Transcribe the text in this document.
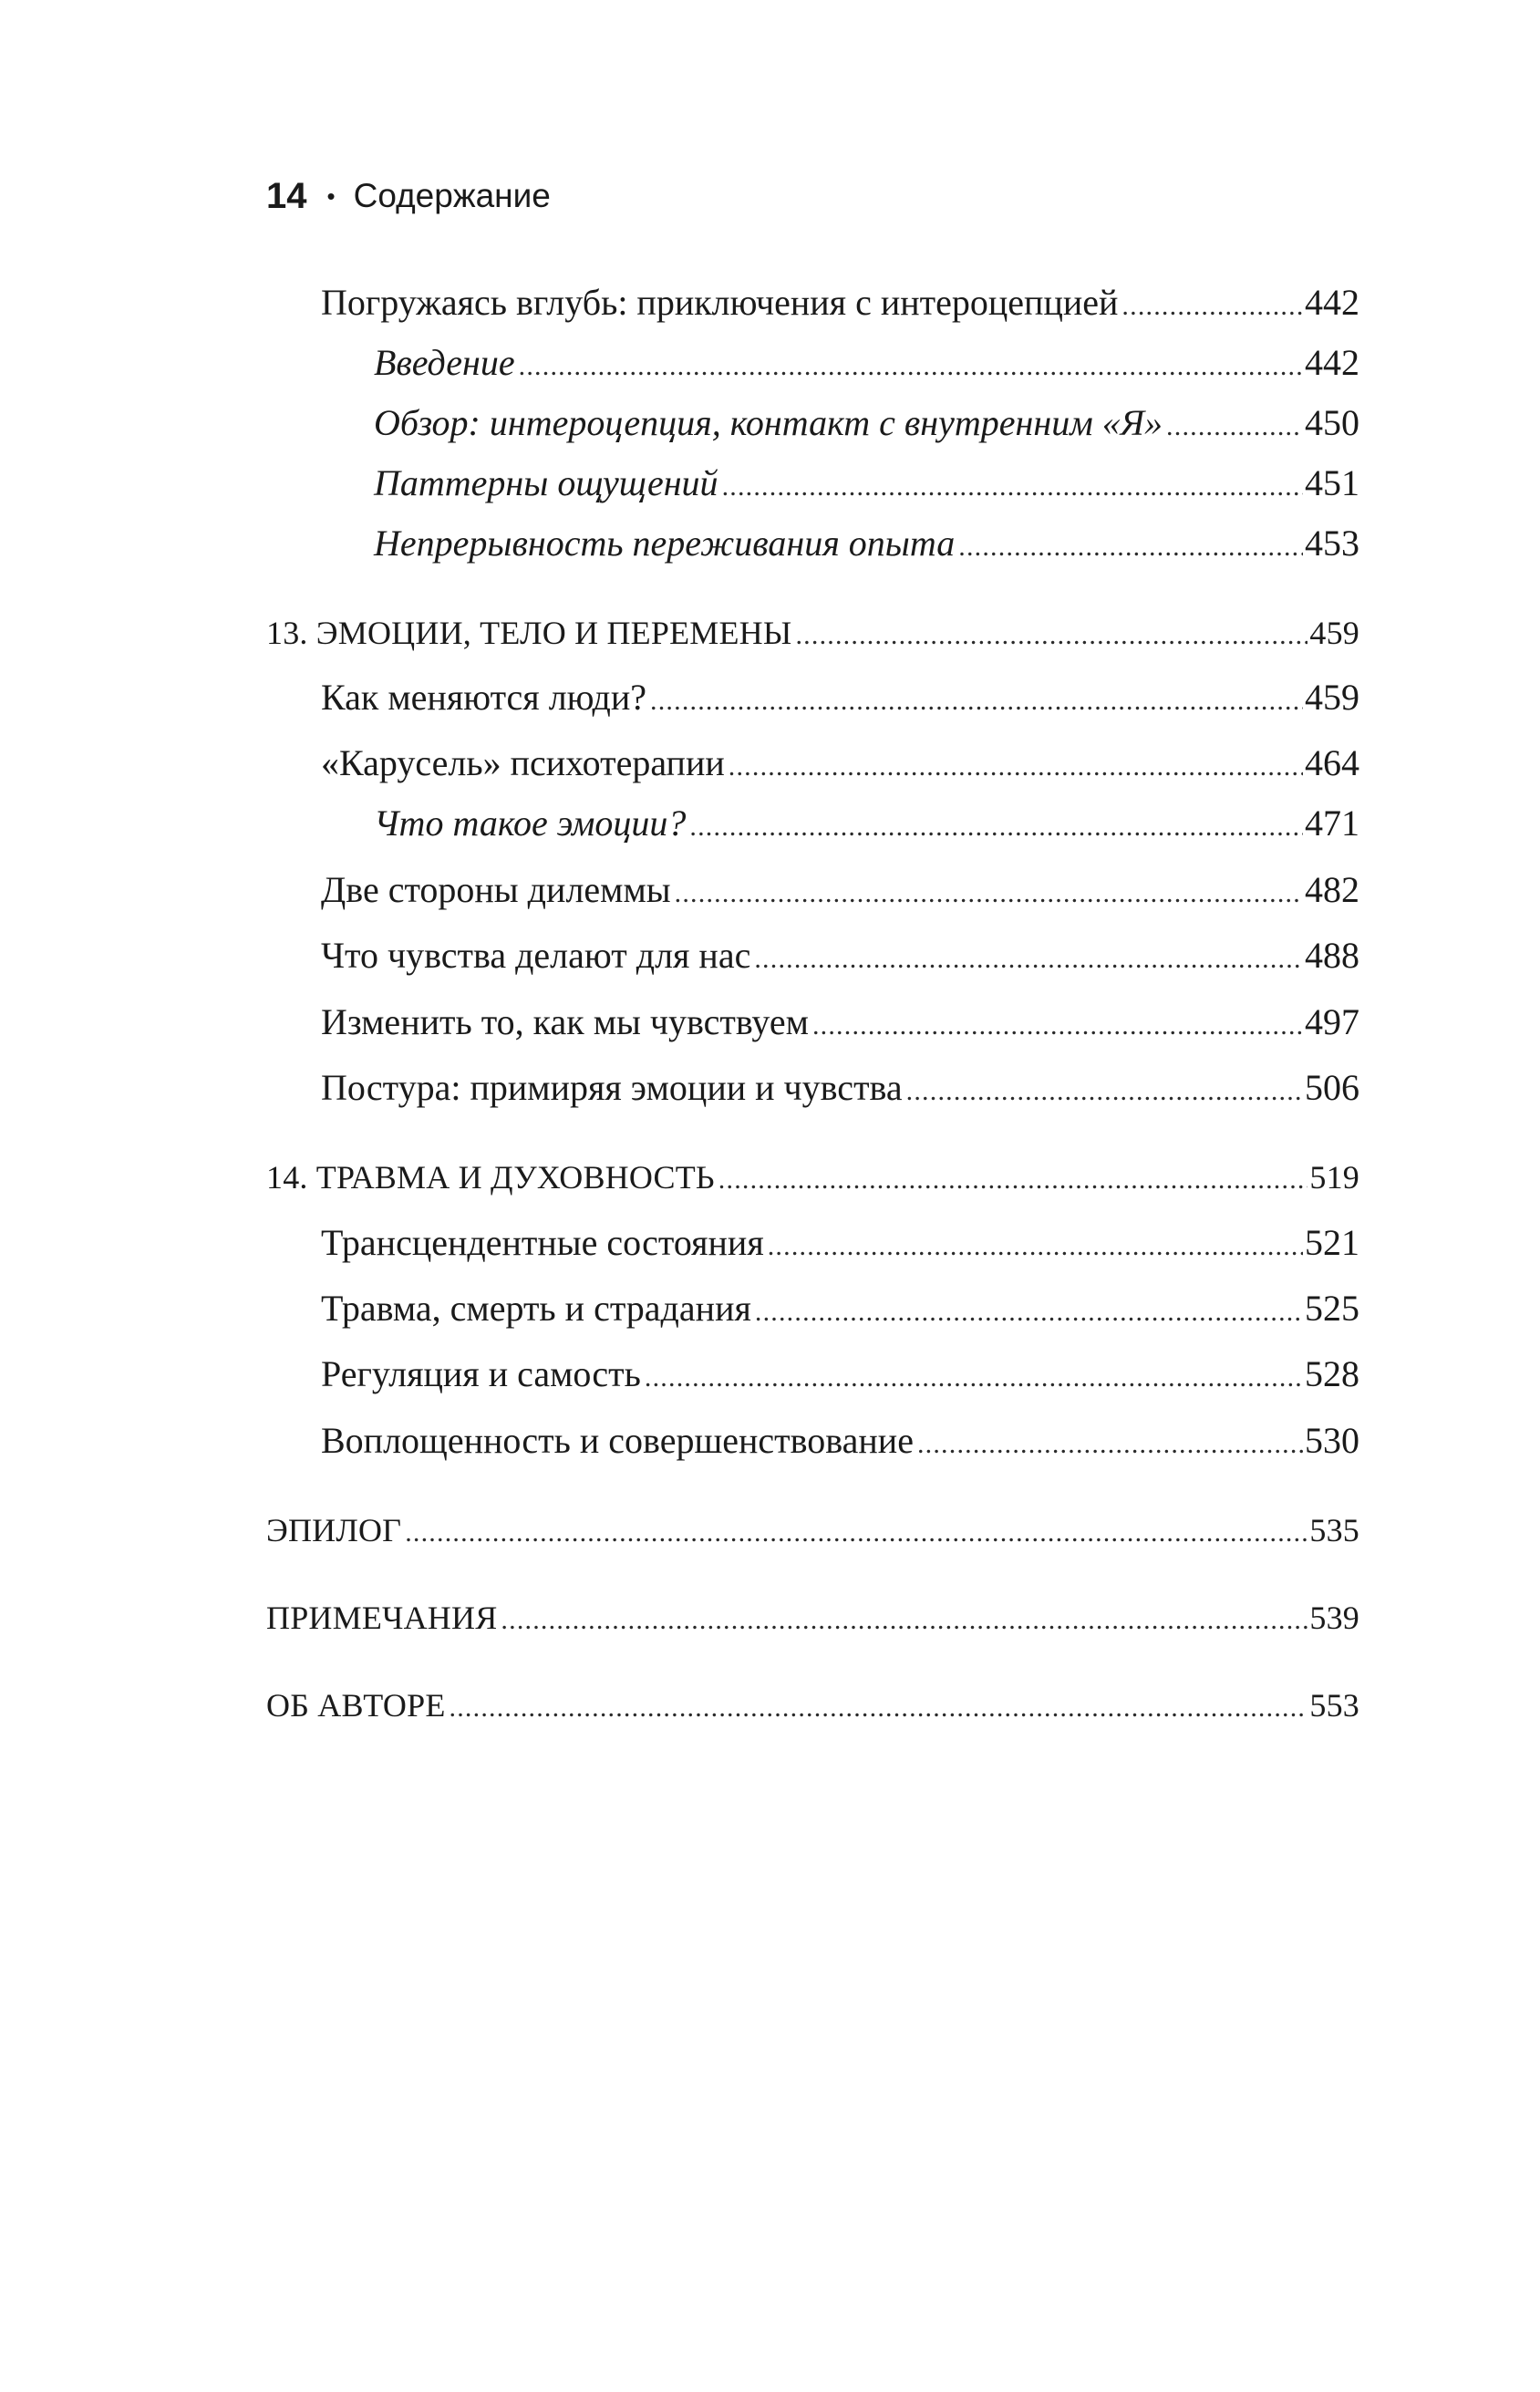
14 • Содержание
Погружаясь вглубь: приключения с интероцепцией .....	442
Введение .....	442
Обзор: интероцепция, контакт с внутренним «Я» .....	450
Паттерны ощущений .....	451
Непрерывность переживания опыта .....	453
13. ЭМОЦИИ, ТЕЛО И ПЕРЕМЕНЫ .....	459
Как меняются люди? .....	459
«Карусель» психотерапии .....	464
Что такое эмоции? .....	471
Две стороны дилеммы .....	482
Что чувства делают для нас .....	488
Изменить то, как мы чувствуем .....	497
Постура: примиряя эмоции и чувства .....	506
14. ТРАВМА И ДУХОВНОСТЬ .....	519
Трансцендентные состояния .....	521
Травма, смерть и страдания .....	525
Регуляция и самость .....	528
Воплощенность и совершенствование .....	530
ЭПИЛОГ .....	535
ПРИМЕЧАНИЯ .....	539
ОБ АВТОРЕ .....	553
